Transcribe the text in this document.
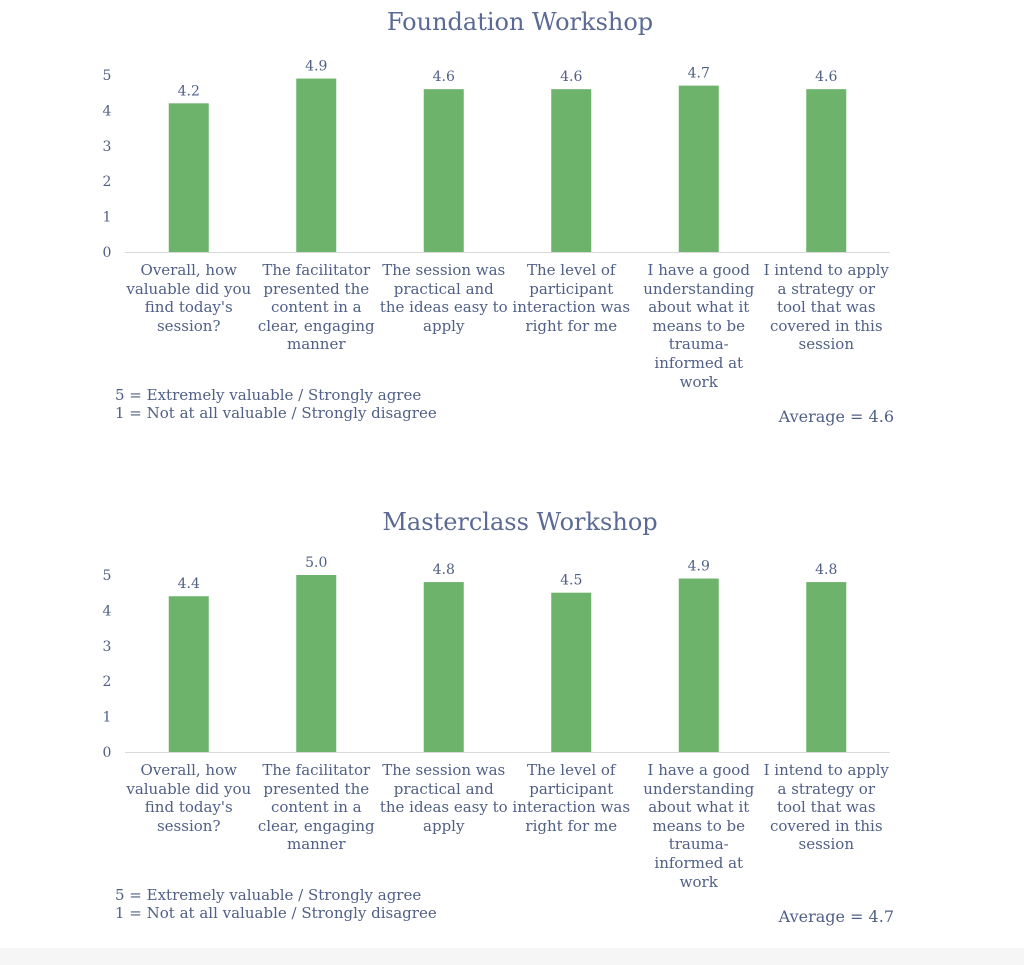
Foundation Workshop
0
1
2
3
4
5
4.2
4.9
4.6	4.6	4.7	4.6
Overall, how valuable did you find today's session?
The facilitator presented the content in a clear, engaging manner
The session was practical and the ideas easy to apply
The level of participant interaction was right for me
I have a good understanding about what it means to be trauma-informed at work
I intend to apply a strategy or tool that was covered in this session
5 = Extremely valuable / Strongly agree
1 = Not at all valuable / Strongly disagree	Average = 4.6
Masterclass Workshop
0
1
2
3
4
5
4.4
5.0	4.8
4.5
4.9	4.8
Overall, how valuable did you find today's session?
The facilitator presented the content in a clear, engaging manner
The session was practical and the ideas easy to apply
The level of participant interaction was right for me
I have a good understanding about what it means to be trauma-informed at work
I intend to apply a strategy or tool that was covered in this session
5 = Extremely valuable / Strongly agree
1 = Not at all valuable / Strongly disagree	Average = 4.7
